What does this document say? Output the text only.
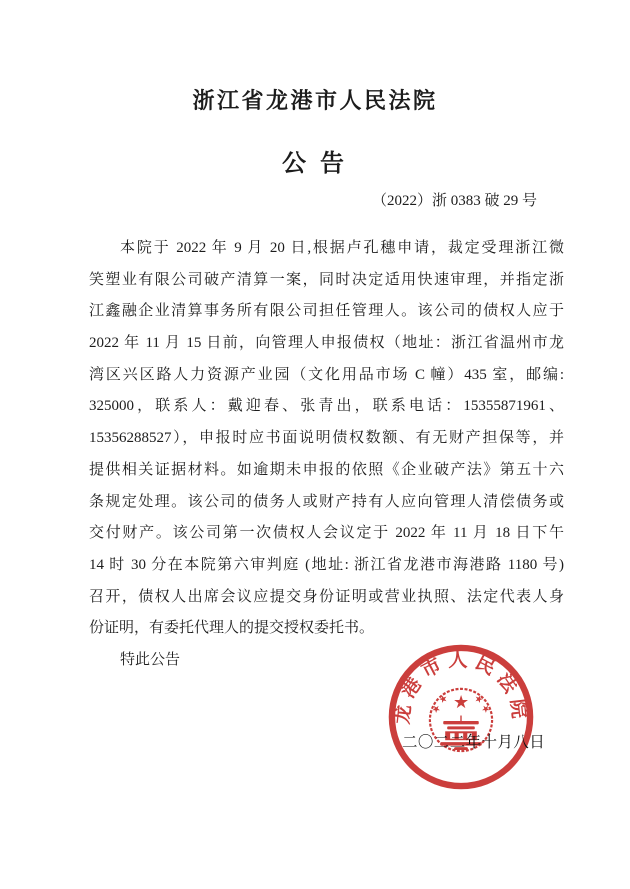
浙江省龙港市人民法院
公 告
（2022）浙 0383 破 29 号
本院于 2022 年 9 月 20 日,根据卢孔穗申请，裁定受理浙江微
笑塑业有限公司破产清算一案，同时决定适用快速审理，并指定浙
江鑫融企业清算事务所有限公司担任管理人。该公司的债权人应于
2022 年 11 月 15 日前，向管理人申报债权（地址：浙江省温州市龙
湾区兴区路人力资源产业园（文化用品市场 C 幢）435 室，邮编:
325000，联系人：戴迎春、张青出，联系电话：15355871961、
15356288527），申报时应书面说明债权数额、有无财产担保等，并
提供相关证据材料。如逾期未申报的依照《企业破产法》第五十六
条规定处理。该公司的债务人或财产持有人应向管理人清偿债务或
交付财产。该公司第一次债权人会议定于 2022 年 11 月 18 日下午
14 时 30 分在本院第六审判庭 (地址: 浙江省龙港市海港路 1180 号)
召开，债权人出席会议应提交身份证明或营业执照、法定代表人身
份证明，有委托代理人的提交授权委托书。
特此公告
龙港市人民法院
★
★
★
★
★
二〇二二年十月八日
